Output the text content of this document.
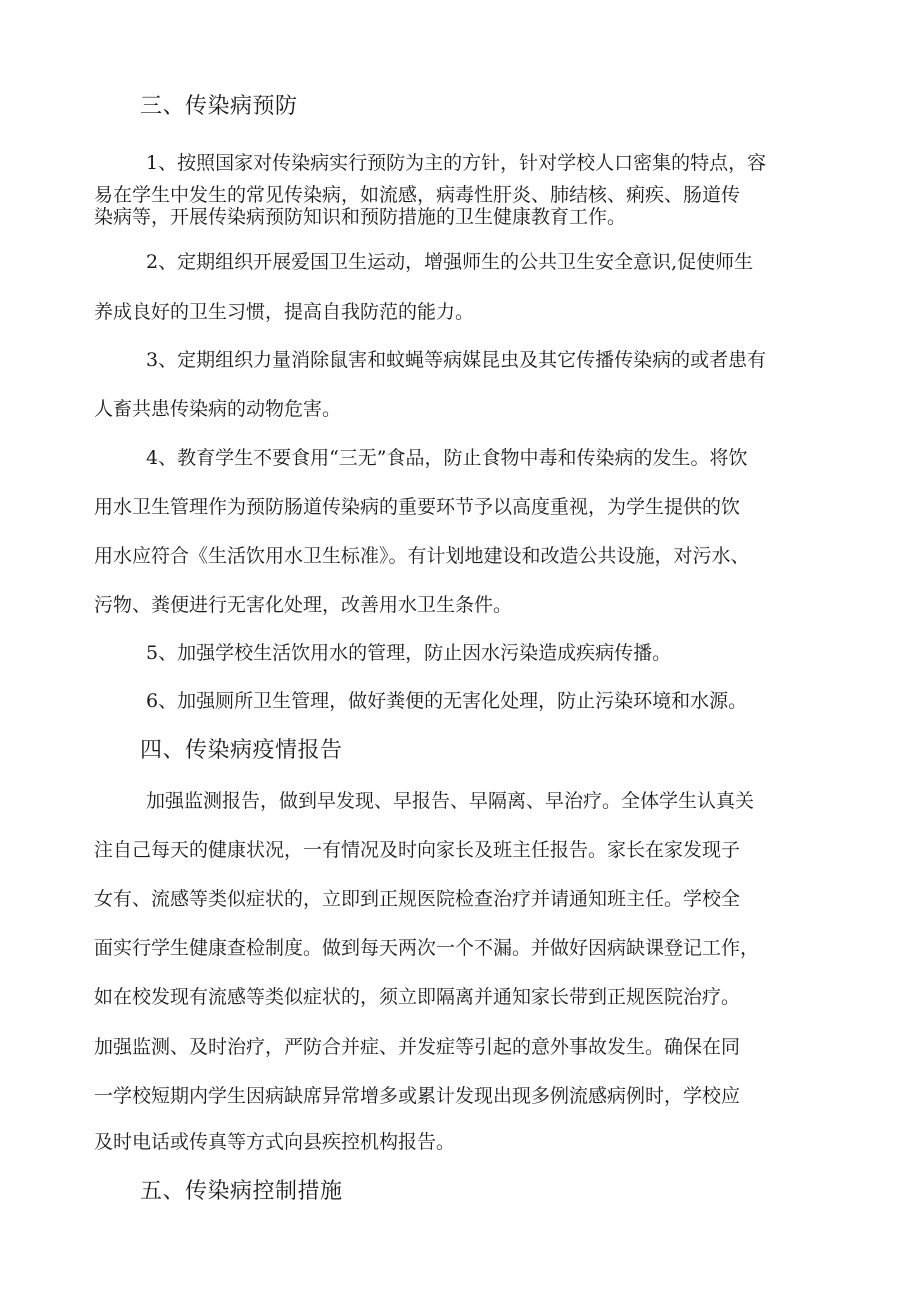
三、传染病预防
1、按照国家对传染病实行预防为主的方针，针对学校人口密集的特点，容
易在学生中发生的常见传染病，如流感，病毒性肝炎、肺结核、痢疾、肠道传
染病等，开展传染病预防知识和预防措施的卫生健康教育工作。
2、定期组织开展爱国卫生运动，增强师生的公共卫生安全意识,促使师生
养成良好的卫生习惯，提高自我防范的能力。
3、定期组织力量消除鼠害和蚊蝇等病媒昆虫及其它传播传染病的或者患有
人畜共患传染病的动物危害。
4、教育学生不要食用“三无”食品，防止食物中毒和传染病的发生。将饮
用水卫生管理作为预防肠道传染病的重要环节予以高度重视，为学生提供的饮
用水应符合《生活饮用水卫生标准》。有计划地建设和改造公共设施，对污水、
污物、粪便进行无害化处理，改善用水卫生条件。
5、加强学校生活饮用水的管理，防止因水污染造成疾病传播。
6、加强厕所卫生管理，做好粪便的无害化处理，防止污染环境和水源。
四、传染病疫情报告
加强监测报告，做到早发现、早报告、早隔离、早治疗。全体学生认真关
注自己每天的健康状况，一有情况及时向家长及班主任报告。家长在家发现子
女有、流感等类似症状的，立即到正规医院检查治疗并请通知班主任。学校全
面实行学生健康查检制度。做到每天两次一个不漏。并做好因病缺课登记工作，
如在校发现有流感等类似症状的，须立即隔离并通知家长带到正规医院治疗。
加强监测、及时治疗，严防合并症、并发症等引起的意外事故发生。确保在同
一学校短期内学生因病缺席异常增多或累计发现出现多例流感病例时，学校应
及时电话或传真等方式向县疾控机构报告。
五、传染病控制措施
